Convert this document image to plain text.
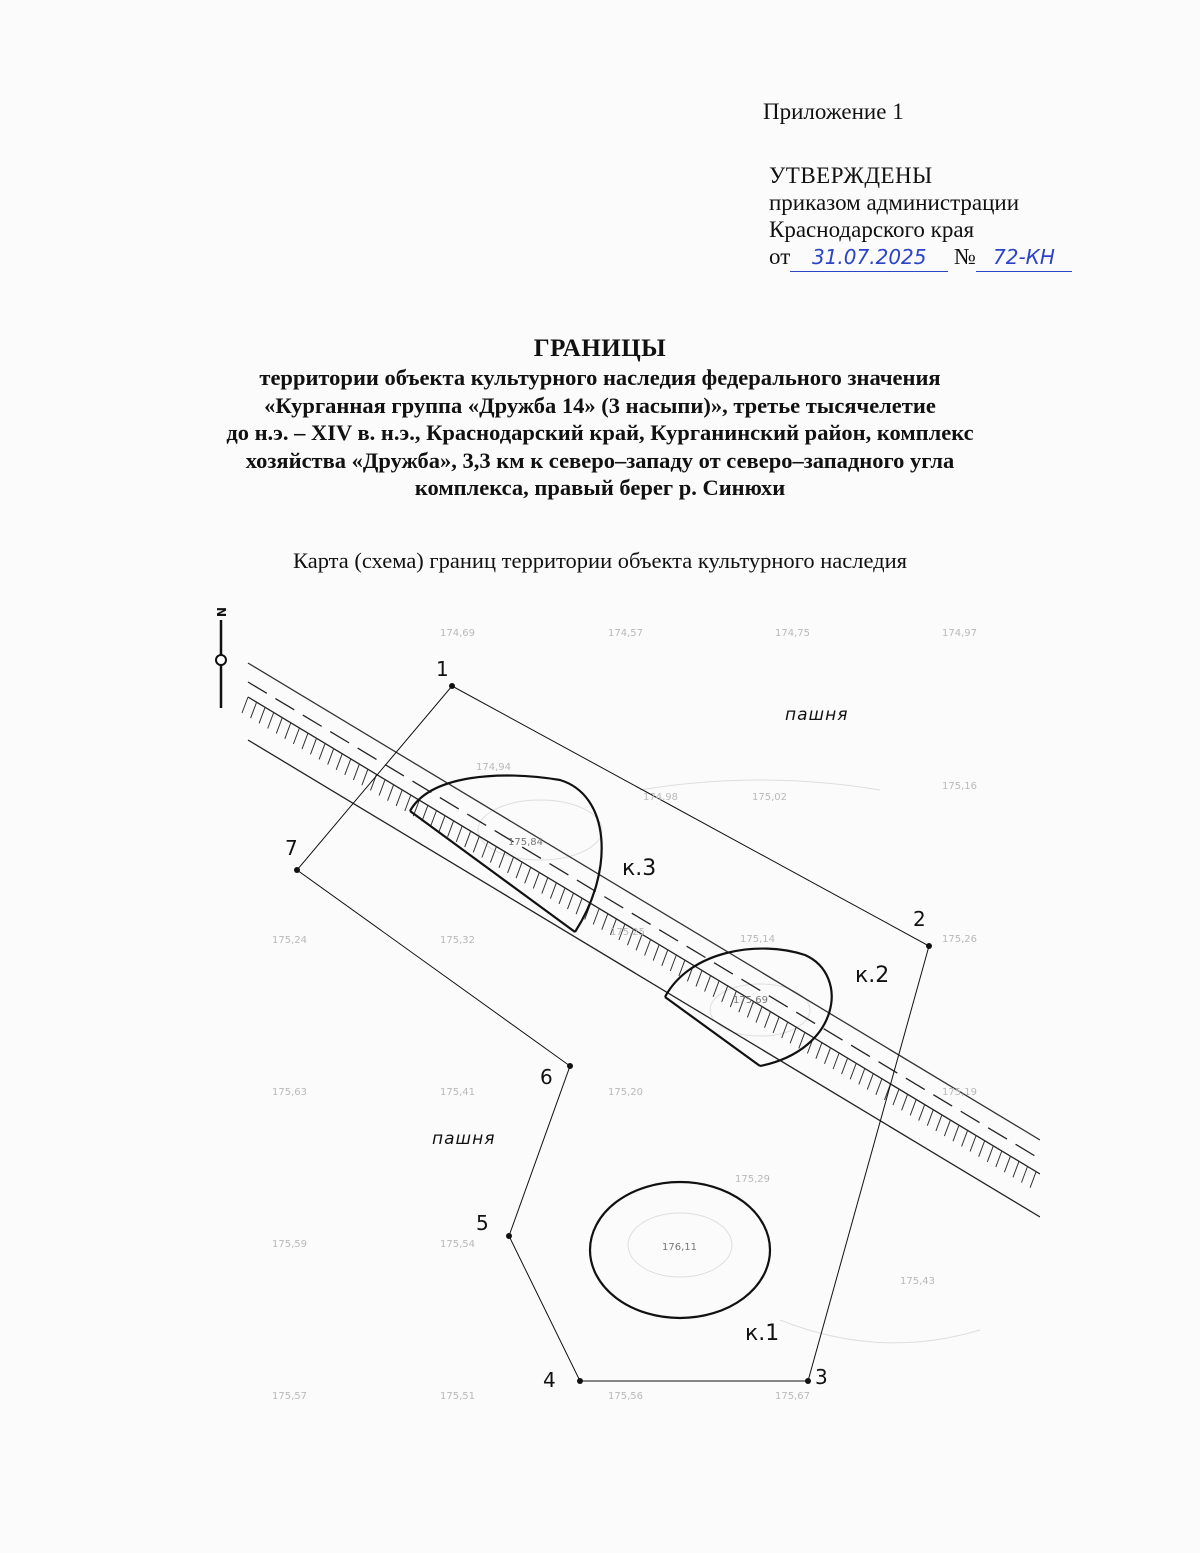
Приложение 1
УТВЕРЖДЕНЫ
приказом администрации
Краснодарского края
от 31.07.2025 № 72-КН
ГРАНИЦЫ
территории объекта культурного наследия федерального значения
«Курганная группа «Дружба 14» (3 насыпи)», третье тысячелетие
до н.э. – XIV в. н.э., Краснодарский край, Курганинский район, комплекс
хозяйства «Дружба», 3,3 км к северо–западу от северо–западного угла
комплекса, правый берег р. Синюхи
Карта (схема) границ территории объекта культурного наследия
1
2
3
4
5
6
7
к.1
к.2
к.3
пашня
пашня
N
174,69	174,57	174,75	174,97
174,94
174,98	175,02
175,16
175,84
175,24	175,32
175,25
175,14	175,26
175,69
175,63	175,41	175,20	175,19
175,29
176,11
175,59	175,54
175,43
175,57	175,51	175,56	175,67
